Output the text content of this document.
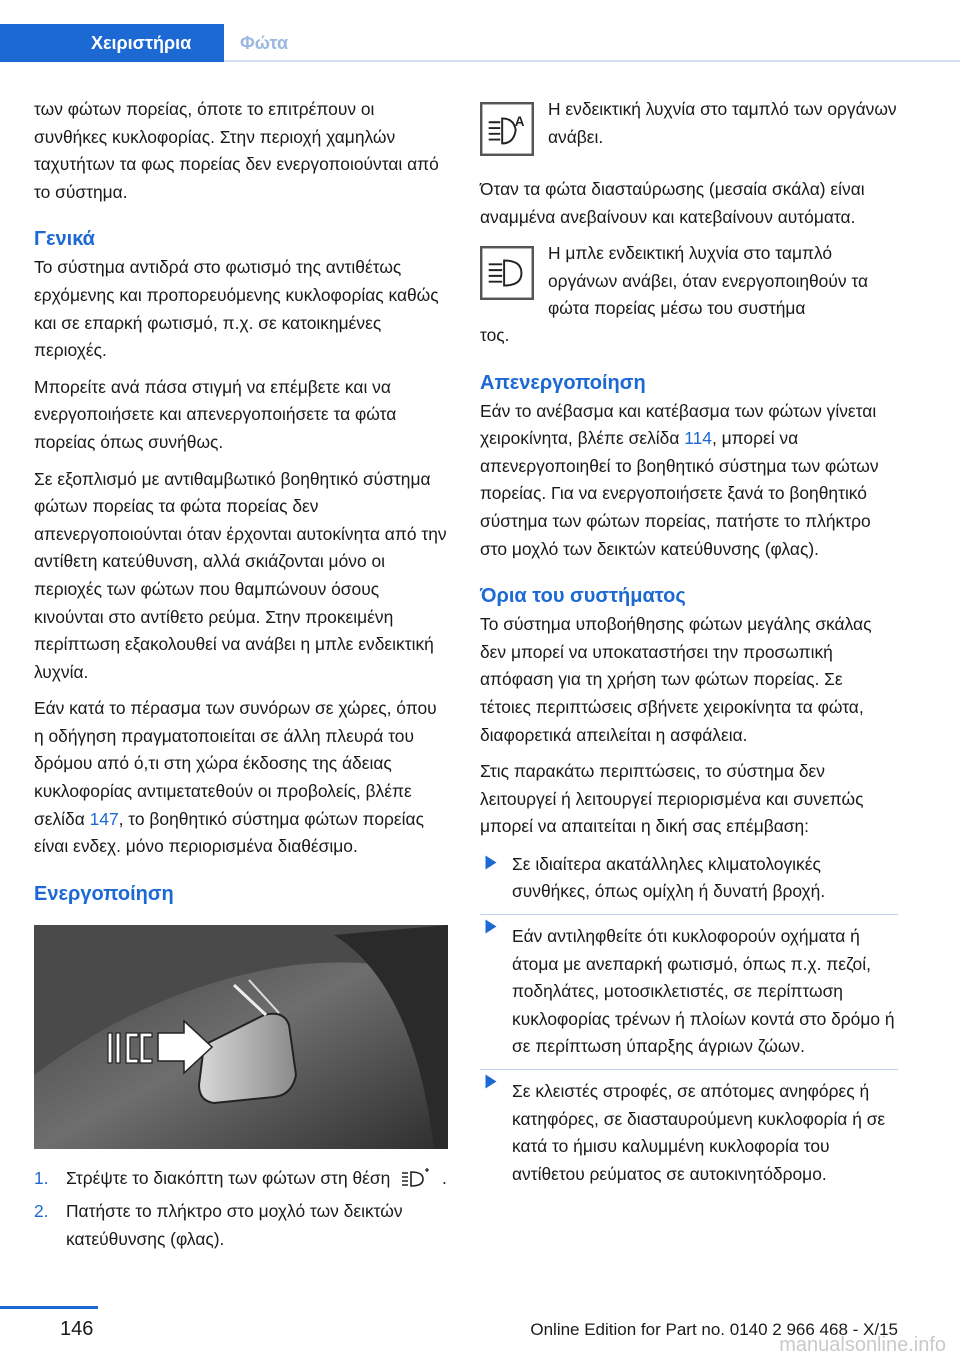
Χειριστήρια	Φώτα

των φώτων πορείας, όποτε το επιτρέπουν οι συνθήκες κυκλοφορίας. Στην περιοχή χαμηλών ταχυτήτων τα φως πορείας δεν ενεργοποιούνται από το σύστημα.

Γενικά

Το σύστημα αντιδρά στο φωτισμό της αντιθέτως ερχόμενης και προπορευόμενης κυκλοφορίας καθώς και σε επαρκή φωτισμό, π.χ. σε κατοικημένες περιοχές.

Μπορείτε ανά πάσα στιγμή να επέμβετε και να ενεργοποιήσετε και απενεργοποιήσετε τα φώτα πορείας όπως συνήθως.

Σε εξοπλισμό με αντιθαμβωτικό βοηθητικό σύστημα φώτων πορείας τα φώτα πορείας δεν απενεργοποιούνται όταν έρχονται αυτοκίνητα από την αντίθετη κατεύθυνση, αλλά σκιάζονται μόνο οι περιοχές των φώτων που θαμπώνουν όσους κινούνται στο αντίθετο ρεύμα. Στην προκειμένη περίπτωση εξακολουθεί να ανάβει η μπλε ενδεικτική λυχνία.

Εάν κατά το πέρασμα των συνόρων σε χώρες, όπου η οδήγηση πραγματοποιείται σε άλλη πλευρά του δρόμου από ό,τι στη χώρα έκδοσης της άδειας κυκλοφορίας αντιμετατεθούν οι προβολείς, βλέπε σελίδα 147, το βοηθητικό σύστημα φώτων πορείας είναι ενδεχ. μόνο περιορισμένα διαθέσιμο.

Ενεργοποίηση
1. Στρέψτε το διακόπτη των φώτων στη θέση	.
2. Πατήστε το πλήκτρο στο μοχλό των δεικτών κατεύθυνσης (φλας).
A

Η ενδεικτική λυχνία στο ταμπλό των οργάνων ανάβει.

Όταν τα φώτα διασταύρωσης (μεσαία σκάλα) είναι αναμμένα ανεβαίνουν και κατεβαίνουν αυτόματα.

Η μπλε ενδεικτική λυχνία στο ταμπλό οργάνων ανάβει, όταν ενεργοποιηθούν τα φώτα πορείας μέσω του συστήμα

τος.

Απενεργοποίηση

Εάν το ανέβασμα και κατέβασμα των φώτων γίνεται χειροκίνητα, βλέπε σελίδα 114, μπορεί να απενεργοποιηθεί το βοηθητικό σύστημα των φώτων πορείας. Για να ενεργοποιήσετε ξανά το βοηθητικό σύστημα των φώτων πορείας, πατήστε το πλήκτρο στο μοχλό των δεικτών κατεύθυνσης (φλας).

Όρια του συστήματος

Το σύστημα υποβοήθησης φώτων μεγάλης σκάλας δεν μπορεί να υποκαταστήσει την προσωπική απόφαση για τη χρήση των φώτων πορείας. Σε τέτοιες περιπτώσεις σβήνετε χειροκίνητα τα φώτα, διαφορετικά απειλείται η ασφάλεια.

Στις παρακάτω περιπτώσεις, το σύστημα δεν λειτουργεί ή λειτουργεί περιορισμένα και συνεπώς μπορεί να απαιτείται η δική σας επέμβαση:

Σε ιδιαίτερα ακατάλληλες κλιματολογικές συνθήκες, όπως ομίχλη ή δυνατή βροχή.
Εάν αντιληφθείτε ότι κυκλοφορούν οχήματα ή άτομα με ανεπαρκή φωτισμό, όπως π.χ. πεζοί, ποδηλάτες, μοτοσικλετιστές, σε περίπτωση κυκλοφορίας τρένων ή πλοίων κοντά στο δρόμο ή σε περίπτωση ύπαρξης άγριων ζώων.
Σε κλειστές στροφές, σε απότομες ανηφόρες ή κατηφόρες, σε διασταυρούμενη κυκλοφορία ή σε κατά το ήμισυ καλυμμένη κυκλοφορία του αντίθετου ρεύματος σε αυτοκινητόδρομο.
146	Online Edition for Part no. 0140 2 966 468 - X/15
manualsonline.info
